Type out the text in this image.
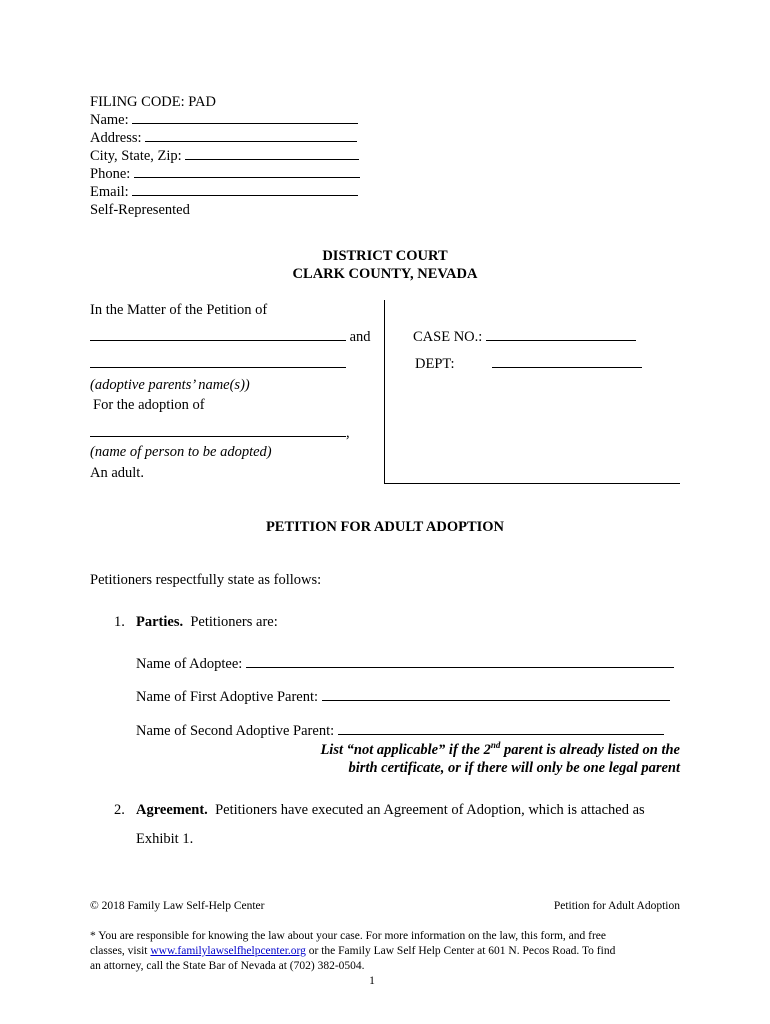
FILING CODE: PAD
Name:
Address:
City, State, Zip:
Phone:
Email:
Self-Represented
DISTRICT COURT
CLARK COUNTY, NEVADA
In the Matter of the Petition of
and
(adoptive parents’ name(s))
For the adoption of
,
(name of person to be adopted)
An adult.
CASE NO.:
DEPT:
PETITION FOR ADULT ADOPTION
Petitioners respectfully state as follows:
1. Parties. Petitioners are:
Name of Adoptee:
Name of First Adoptive Parent:
Name of Second Adoptive Parent:
List “not applicable” if the 2nd parent is already listed on the
birth certificate, or if there will only be one legal parent
2. Agreement. Petitioners have executed an Agreement of Adoption, which is attached as
Exhibit 1.
© 2018 Family Law Self-Help Center	Petition for Adult Adoption
* You are responsible for knowing the law about your case. For more information on the law, this form, and free
classes, visit www.familylawselfhelpcenter.org or the Family Law Self Help Center at 601 N. Pecos Road. To find
an attorney, call the State Bar of Nevada at (702) 382-0504.
1
